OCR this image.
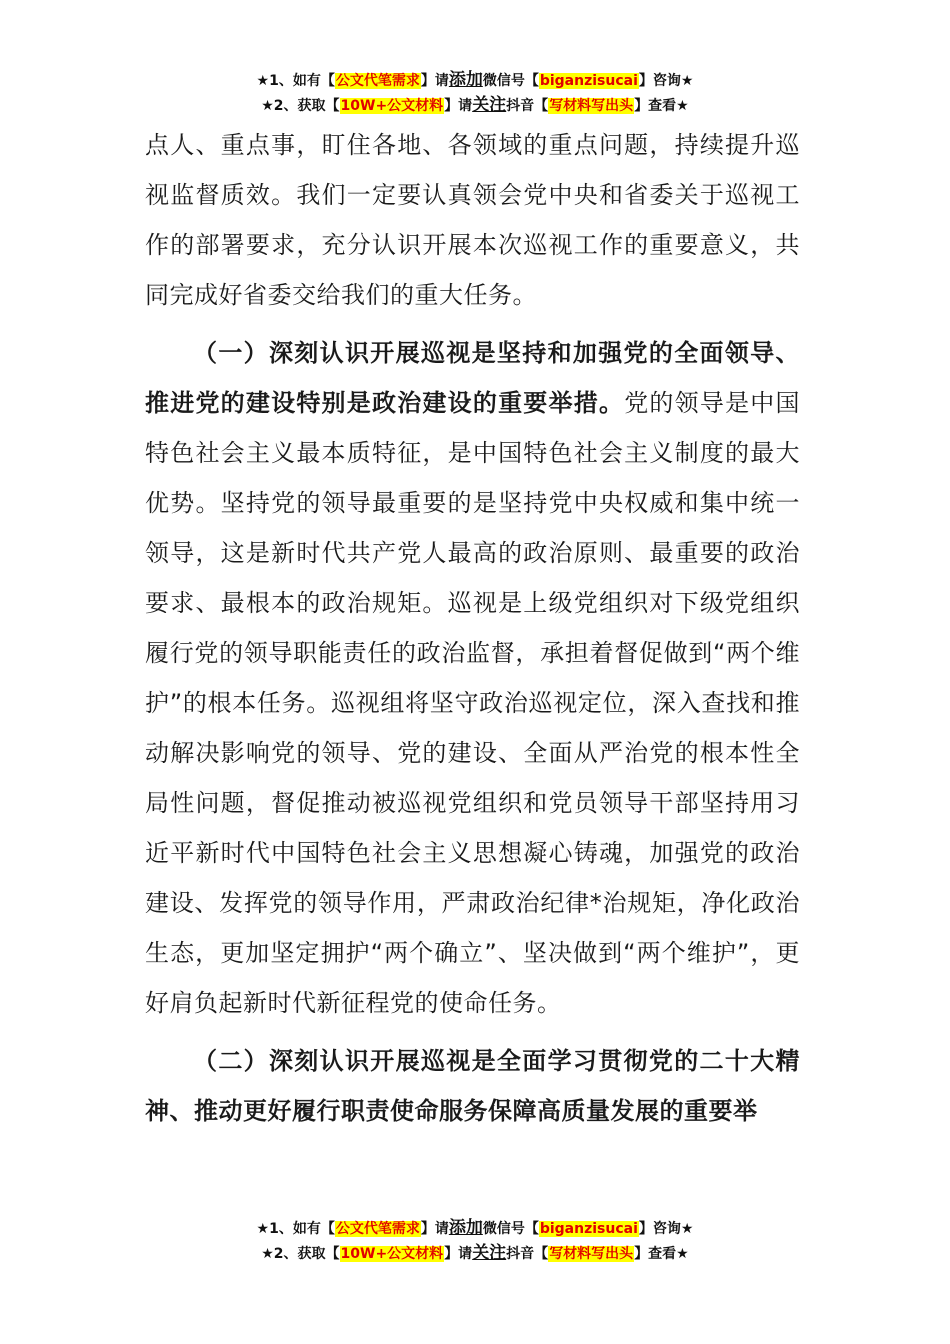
★1、如有【公文代笔需求】请添加微信号【biganzisucai】咨询★
★2、获取【10W+公文材料】请关注抖音【写材料写出头】查看★

点人、重点事，盯住各地、各领域的重点问题，持续提升巡视监督质效。我们一定要认真领会党中央和省委关于巡视工作的部署要求，充分认识开展本次巡视工作的重要意义，共同完成好省委交给我们的重大任务。

（一）深刻认识开展巡视是坚持和加强党的全面领导、推进党的建设特别是政治建设的重要举措。党的领导是中国特色社会主义最本质特征，是中国特色社会主义制度的最大优势。坚持党的领导最重要的是坚持党中央权威和集中统一领导，这是新时代共产党人最高的政治原则、最重要的政治要求、最根本的政治规矩。巡视是上级党组织对下级党组织履行党的领导职能责任的政治监督，承担着督促做到“两个维护”的根本任务。巡视组将坚守政治巡视定位，深入查找和推动解决影响党的领导、党的建设、全面从严治党的根本性全局性问题，督促推动被巡视党组织和党员领导干部坚持用习近平新时代中国特色社会主义思想凝心铸魂，加强党的政治建设、发挥党的领导作用，严肃政治纪律*治规矩，净化政治生态，更加坚定拥护“两个确立”、坚决做到“两个维护”，更好肩负起新时代新征程党的使命任务。

（二）深刻认识开展巡视是全面学习贯彻党的二十大精神、推动更好履行职责使命服务保障高质量发展的重要举

★1、如有【公文代笔需求】请添加微信号【biganzisucai】咨询★
★2、获取【10W+公文材料】请关注抖音【写材料写出头】查看★
